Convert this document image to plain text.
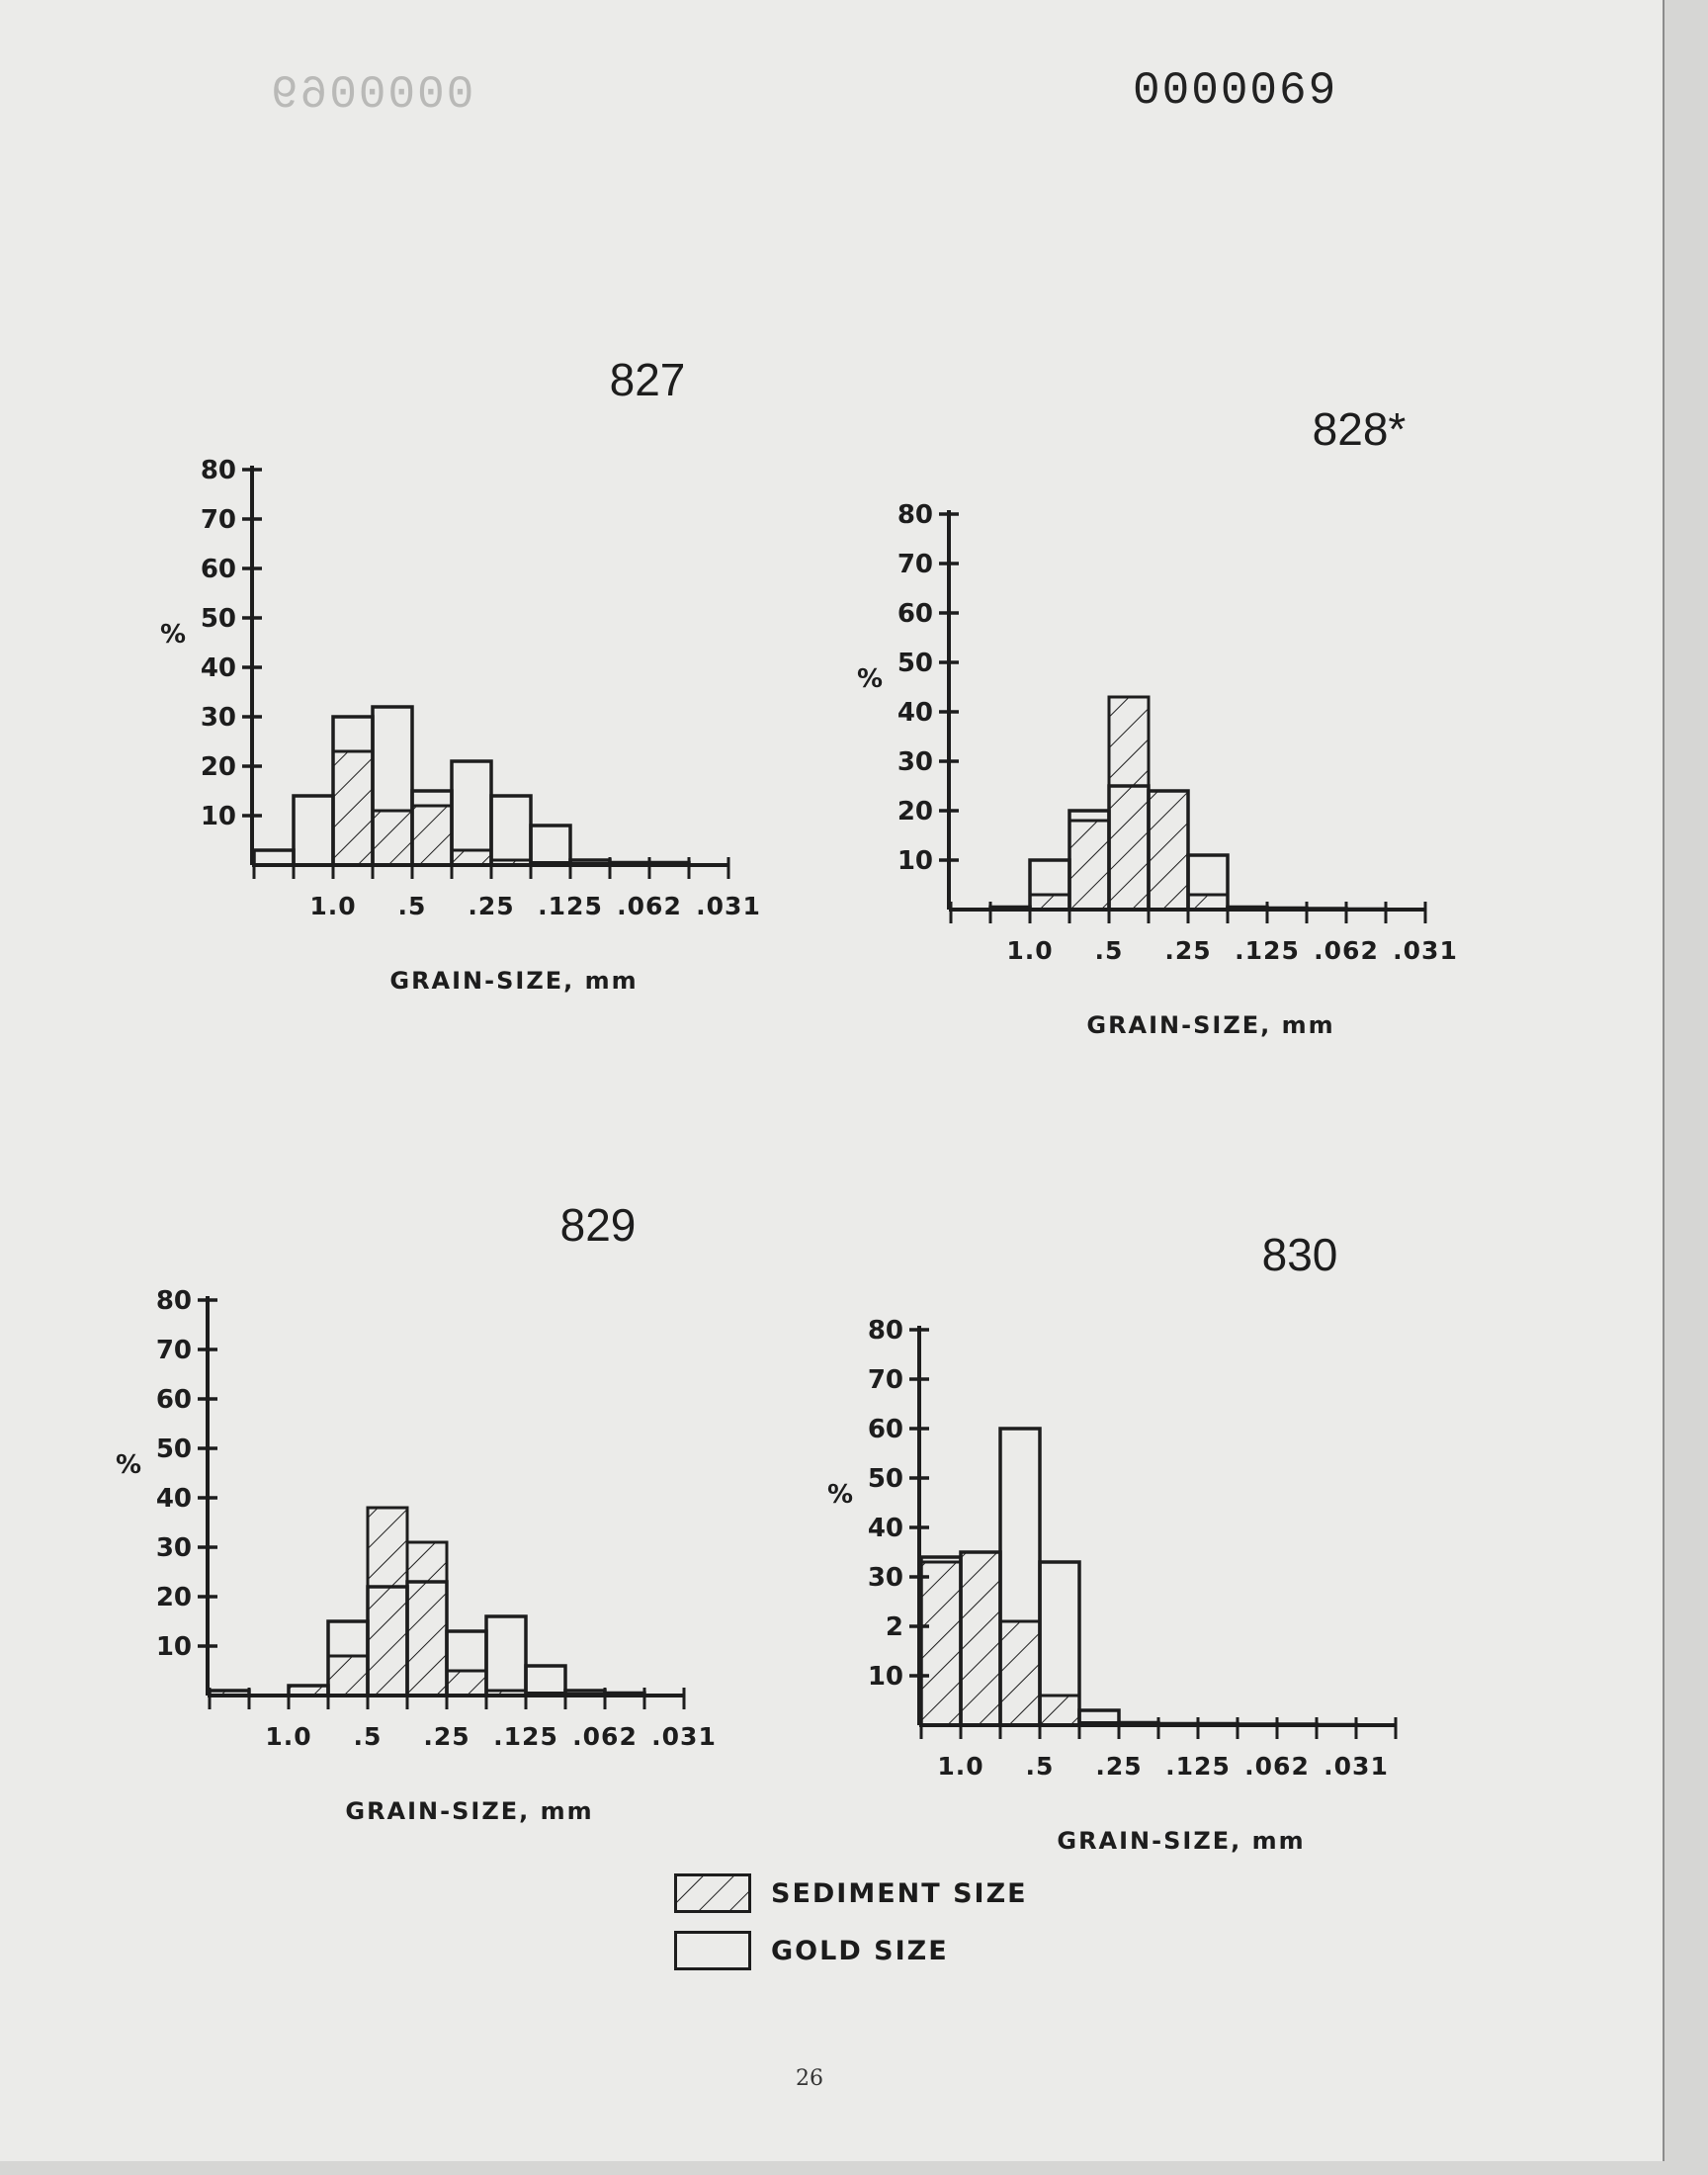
0000069
0000069
10
20
30
40
50
60
70
80
%
1.0 .5 .25 .125 .062 .031
GRAIN-SIZE, mm
827
10
20
30
40
50
60
70
80
%
1.0 .5 .25 .125 .062 .031
GRAIN-SIZE, mm
828*
10
20
30
40
50
60
70
80
%
1.0 .5 .25 .125 .062 .031
GRAIN-SIZE, mm
829
10
2
30
40
50
60
70
80
%
1.0 .5 .25 .125 .062 .031
GRAIN-SIZE, mm
830
SEDIMENT SIZE
GOLD SIZE
26
